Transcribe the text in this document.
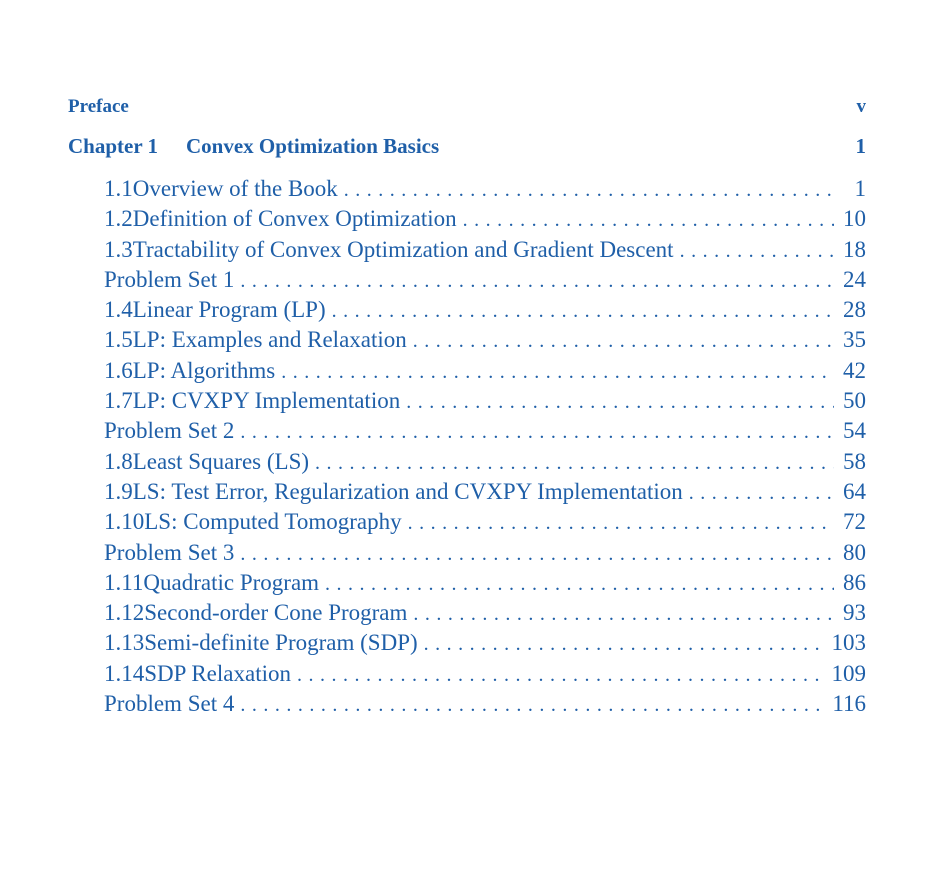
Preface	v
Chapter 1	Convex Optimization Basics	1
1.1 Overview of the Book . . .	1
1.2 Definition of Convex Optimization . . .	10
1.3 Tractability of Convex Optimization and Gradient Descent . . .	18
Problem Set 1 . . .	24
1.4 Linear Program (LP) . . .	28
1.5 LP: Examples and Relaxation . . .	35
1.6 LP: Algorithms . . .	42
1.7 LP: CVXPY Implementation . . .	50
Problem Set 2 . . .	54
1.8 Least Squares (LS) . . .	58
1.9 LS: Test Error, Regularization and CVXPY Implementation . . .	64
1.10 LS: Computed Tomography . . .	72
Problem Set 3 . . .	80
1.11 Quadratic Program . . .	86
1.12 Second-order Cone Program . . .	93
1.13 Semi-definite Program (SDP) . . .	103
1.14 SDP Relaxation . . .	109
Problem Set 4 . . .	116
